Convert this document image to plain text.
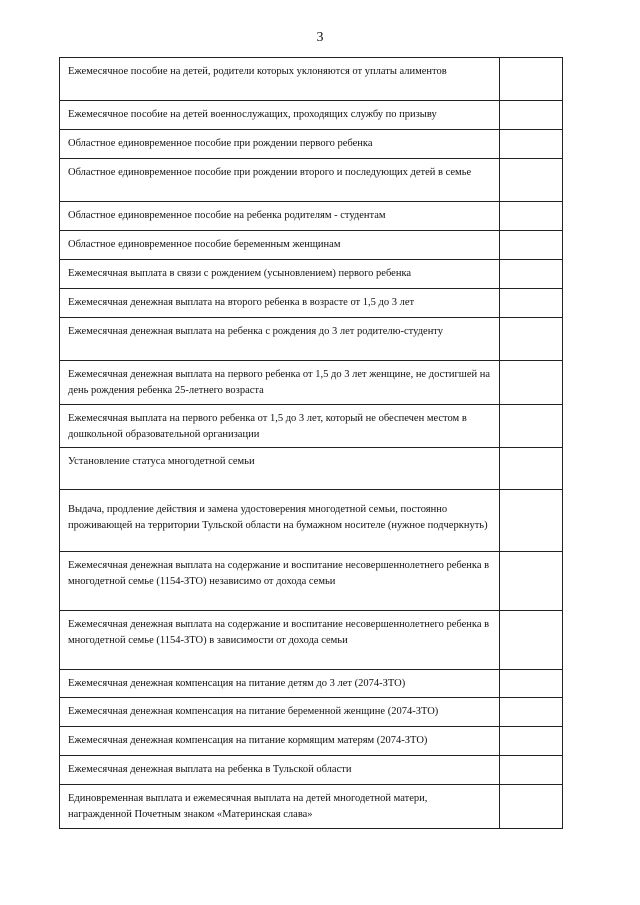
3
Ежемесячное пособие на детей, родители которых уклоняются от уплаты алиментов	

Ежемесячное пособие на детей военнослужащих, проходящих службу по призыву	

Областное единовременное пособие при рождении первого ребенка	

Областное единовременное пособие при рождении второго и последующих детей в семье	

Областное единовременное пособие на ребенка родителям - студентам	

Областное единовременное пособие беременным женщинам	

Ежемесячная выплата в связи с рождением (усыновлением) первого ребенка	

Ежемесячная денежная выплата на второго ребенка в возрасте от 1,5 до 3 лет	

Ежемесячная денежная выплата на ребенка с рождения до 3 лет родителю-студенту	

Ежемесячная денежная выплата на первого ребенка от 1,5 до 3 лет женщине, не достигшей на день рождения ребенка 25-летнего возраста	

Ежемесячная выплата на первого ребенка от 1,5 до 3 лет, который не обеспечен местом в дошкольной образовательной организации	

Установление статуса многодетной семьи	

Выдача, продление действия и замена удостоверения многодетной семьи, постоянно проживающей на территории Тульской области на бумажном носителе (нужное подчеркнуть)	

Ежемесячная денежная выплата на содержание и воспитание несовершеннолетнего ребенка в многодетной семье (1154-ЗТО) независимо от дохода семьи	

Ежемесячная денежная выплата на содержание и воспитание несовершеннолетнего ребенка в многодетной семье (1154-ЗТО) в зависимости от дохода семьи	

Ежемесячная денежная компенсация на питание детям до 3 лет (2074-ЗТО)	

Ежемесячная денежная компенсация на питание беременной женщине (2074-ЗТО)	

Ежемесячная денежная компенсация на питание кормящим матерям (2074-ЗТО)	

Ежемесячная денежная выплата на ребенка в Тульской области	

Единовременная выплата и ежемесячная выплата на детей многодетной матери, награжденной Почетным знаком «Материнская слава»	
